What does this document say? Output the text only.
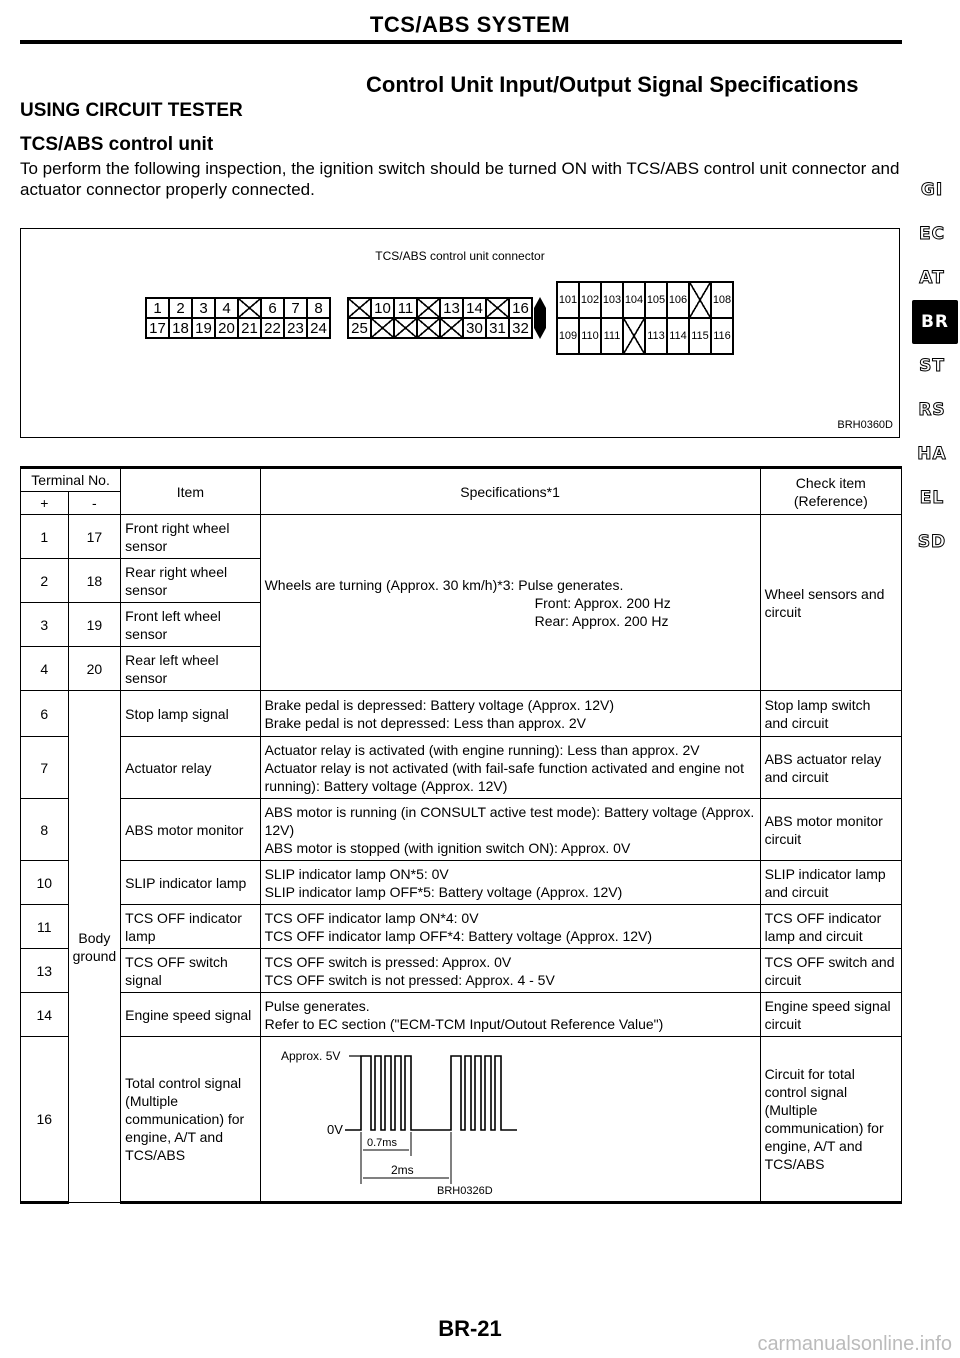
TCS/ABS SYSTEM
Control Unit Input/Output Signal Specifications
USING CIRCUIT TESTER
TCS/ABS control unit
To perform the following inspection, the ignition switch should be turned ON with TCS/ABS control unit connector and actuator connector properly connected.
TCS/ABS control unit connector
1 2 3 4	6 7 8
17 18 19 20 21 22 23 24
10 11 13 14 16
25	30 31 32
101 102 103 104 105 106 108
109 110 111 113 114 115 116
BRH0360D
Terminal No.		Item	Specifications*1	Check item (Reference)
+	-			
1	17	Front right wheel sensor	Wheels are turning (Approx. 30 km/h)*3: Pulse generates.
Front: Approx. 200 Hz
Rear: Approx. 200 Hz	Wheel sensors and circuit
2	18	Rear right wheel sensor		
3	19	Front left wheel sensor		
4	20	Rear left wheel sensor		
6	Body ground	Stop lamp signal	Brake pedal is depressed: Battery voltage (Approx. 12V)
Brake pedal is not depressed: Less than approx. 2V	Stop lamp switch and circuit
7		Actuator relay	Actuator relay is activated (with engine running): Less than approx. 2V
Actuator relay is not activated (with fail-safe function activated and engine not running): Battery voltage (Approx. 12V)	ABS actuator relay and circuit
8		ABS motor monitor	ABS motor is running (in CONSULT active test mode): Battery voltage (Approx. 12V)
ABS motor is stopped (with ignition switch ON): Approx. 0V	ABS motor monitor circuit
10		SLIP indicator lamp	SLIP indicator lamp ON*5: 0V
SLIP indicator lamp OFF*5: Battery voltage (Approx. 12V)	SLIP indicator lamp and circuit
11		TCS OFF indicator lamp	TCS OFF indicator lamp ON*4: 0V
TCS OFF indicator lamp OFF*4: Battery voltage (Approx. 12V)	TCS OFF indicator lamp and circuit
13		TCS OFF switch signal	TCS OFF switch is pressed: Approx. 0V
TCS OFF switch is not pressed: Approx. 4 - 5V	TCS OFF switch and circuit
14		Engine speed signal	Pulse generates.
Refer to EC section ("ECM-TCM Input/Outout Reference Value")	Engine speed signal circuit
16		Total control signal (Multiple communication) for engine, A/T and TCS/ABS	Approx. 5V
0V
0.7ms
2ms
BRH0326D	Circuit for total control signal (Multiple communication) for engine, A/T and TCS/ABS
GI
EC
AT
BR
ST
RS
HA
EL
SD
BR-21
carmanualsonline.info
